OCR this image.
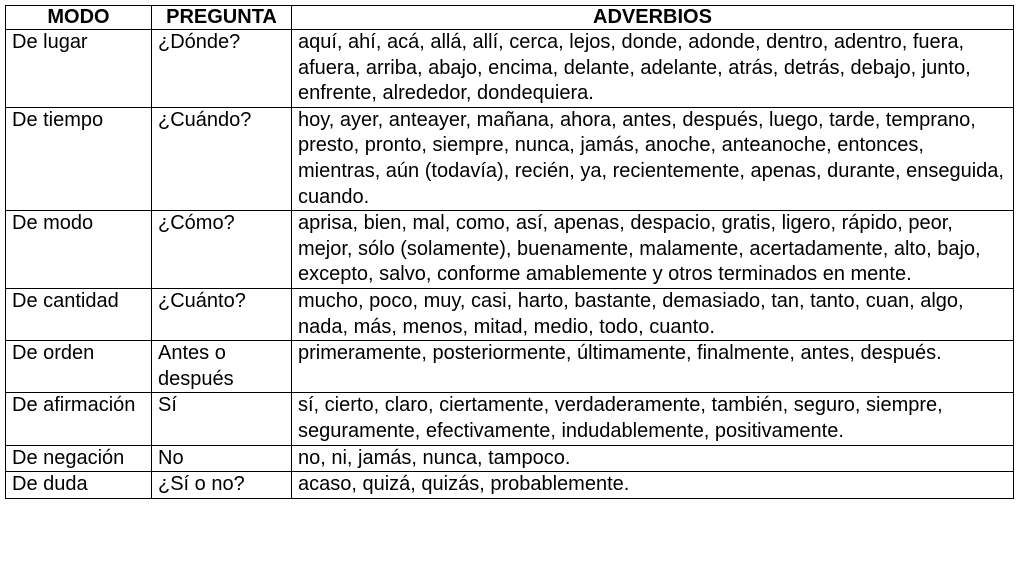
MODO	PREGUNTA	ADVERBIOS
De lugar	¿Dónde?	aquí, ahí, acá, allá, allí, cerca, lejos, donde, adonde, dentro, adentro, fuera, afuera, arriba, abajo, encima, delante, adelante, atrás, detrás, debajo, junto, enfrente, alrededor, dondequiera.
De tiempo	¿Cuándo?	hoy, ayer, anteayer, mañana, ahora, antes, después, luego, tarde, temprano, presto, pronto, siempre, nunca, jamás, anoche, anteanoche, entonces, mientras, aún (todavía), recién, ya, recientemente, apenas, durante, enseguida, cuando.
De modo	¿Cómo?	aprisa, bien, mal, como, así, apenas, despacio, gratis, ligero, rápido, peor, mejor, sólo (solamente), buenamente, malamente, acertadamente, alto, bajo, excepto, salvo, conforme amablemente y otros terminados en mente.
De cantidad	¿Cuánto?	mucho, poco, muy, casi, harto, bastante, demasiado, tan, tanto, cuan, algo, nada, más, menos, mitad, medio, todo, cuanto.
De orden	Antes o después	primeramente, posteriormente, últimamente, finalmente, antes, después.
De afirmación	Sí	sí, cierto, claro, ciertamente, verdaderamente, también, seguro, siempre, seguramente, efectivamente, indudablemente, positivamente.
De negación	No	no, ni, jamás, nunca, tampoco.
De duda	¿Sí o no?	acaso, quizá, quizás, probablemente.
